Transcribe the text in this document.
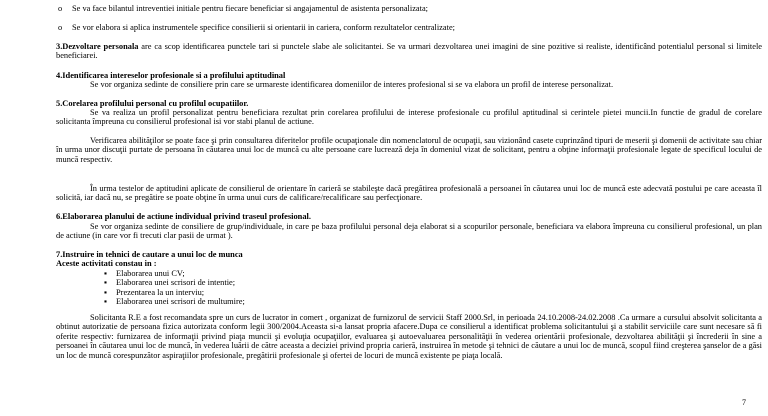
o Se va face bilantul intreventiei initiale pentru fiecare beneficiar si angajamentul de asistenta personalizata;
o Se vor elabora si aplica instrumentele specifice consilierii si orientarii in cariera, conform rezultatelor centralizate;
3.Dezvoltare personala are ca scop identificarea punctele tari si punctele slabe ale solicitantei. Se va urmari dezvoltarea unei imagini de sine pozitive si realiste, identificând potentialul personal si limitele beneficiarei.
4.Identificarea intereselor profesionale si a profilului aptitudinal
Se vor organiza sedinte de consiliere prin care se urmareste identificarea domeniilor de interes profesional si se va elabora un profil de interese personalizat.
5.Corelarea profilului personal cu profilul ocupatiilor.
Se va realiza un profil personalizat pentru beneficiara rezultat prin corelarea profilului de interese profesionale cu profilul aptitudinal si cerintele pietei muncii.In functie de gradul de corelare solicitanta împreuna cu consilierul profesional isi vor stabi planul de actiune.
Verificarea abilităţilor se poate face şi prin consultarea diferitelor profile ocupaţionale din nomenclatorul de ocupaţii, sau vizionând casete cuprinzând tipuri de meserii şi domenii de activitate sau chiar în urma unor discuţii purtate de persoana în căutarea unui loc de muncă cu alte persoane care lucrează deja în domeniul vizat de solicitant, pentru a obţine informaţii profesionale legate de specificul locului de muncă respectiv.
În urma testelor de aptitudini aplicate de consilierul de orientare în carieră se stabileşte dacă pregătirea profesională a persoanei în căutarea unui loc de muncă este adecvată postului pe care aceasta îl solicită, iar dacă nu, se pregătire se poate obţine în urma unui curs de calificare/recalificare sau perfecţionare.
6.Elaborarea planului de actiune individual privind traseul profesional.
Se vor organiza sedinte de consiliere de grup/individuale, in care pe baza profilului personal deja elaborat si a scopurilor personale, beneficiara va elabora împreuna cu consilierul profesional, un plan de actiune (in care vor fi trecuti clar pasii de urmat ).
7.Instruire in tehnici de cautare a unui loc de munca
Aceste activitati constau in :
▪ Elaborarea unui CV;
▪ Elaborarea unei scrisori de intentie;
▪ Prezentarea la un interviu;
▪ Elaborarea unei scrisori de multumire;
Solicitanta R.E a fost recomandata spre un curs de lucrator in comert , organizat de furnizorul de servicii Staff 2000.Srl, in perioada 24.10.2008-24.02.2008 .Ca urmare a cursului absolvit solicitanta a obtinut autorizatie de persoana fizica autorizata conform legii 300/2004.Aceasta si-a lansat propria afacere.Dupa ce consilierul a identificat problema solicitantului şi a stabilit serviciile care sunt necesare să fi oferite respectiv: furnizarea de informaţii privind piaţa muncii şi evoluţia ocupaţiilor, evaluarea şi autoevaluarea personalităţii în vederea orientării profesionale, dezvoltarea abilităţii şi încrederii în sine a persoanei în căutarea unui loc de muncă, în vederea luării de către aceasta a deciziei privind propria carieră, instruirea în metode şi tehnici de căutare a unui loc de muncă, scopul fiind creşterea şanselor de a găsi un loc de muncă corespunzător aspiraţiilor profesionale, pregătirii profesionale şi ofertei de locuri de muncă existente pe piaţa locală.
7
